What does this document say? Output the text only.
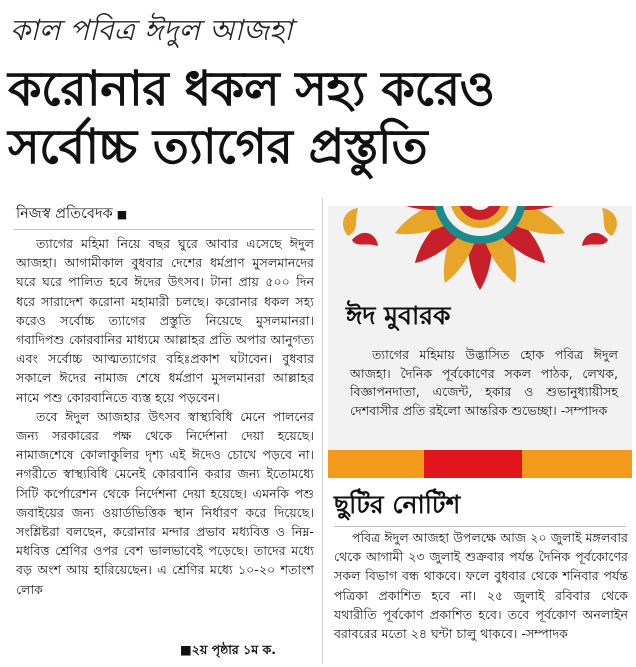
কাল পবিত্র ঈদুল আজহা
করোনার ধকল সহ্য করেও
সর্বোচ্চ ত্যাগের প্রস্তুতি
নিজস্ব প্রতিবেদক ■

ত্যাগের মহিমা নিয়ে বছর ঘুরে আবার এসেছে ঈদুল আজহা। আগামীকাল বুধবার দেশের ধর্মপ্রাণ মুসলমানদের ঘরে ঘরে পালিত হবে ঈদের উৎসব। টানা প্রায় ৫০০ দিন ধরে সারাদেশ করোনা মহামারী চলছে। করোনার ধকল সহ্য করেও সর্বোচ্চ ত্যাগের প্রস্তুতি নিয়েছে মুসলমানরা। গবাদিপশু কোরবানির মাধ্যমে আল্লাহর প্রতি অপার আনুগত্য এবং সর্বোচ্চ আত্মত্যাগের বহিঃপ্রকাশ ঘটাবেন। বুধবার সকালে ঈদের নামাজ শেষে ধর্মপ্রাণ মুসলমানরা আল্লাহর নামে পশু কোরবানিতে ব্যস্ত হয়ে পড়বেন।

তবে ঈদুল আজহার উৎসব স্বাস্থ্যবিধি মেনে পালনের জন্য সরকারের পক্ষ থেকে নির্দেশনা দেয়া হয়েছে। নামাজশেষে কোলাকুলির দৃশ্য এই ঈদেও চোখে পড়বে না। নগরীতে স্বাস্থ্যবিধি মেনেই কোরবানি করার জন্য ইতোমধ্যে সিটি কর্পোরেশন থেকে নির্দেশনা দেয়া হয়েছে। এমনকি পশু জবাইয়ের জন্য ওয়ার্ডভিত্তিক স্থান নির্ধারণ করে দিয়েছে। সংশ্লিষ্টরা বলছেন, করোনার মন্দার প্রভাব মধ্যবিত্ত ও নিম্ন-মধবিত্ত শ্রেণির ওপর বেশ ভালভাবেই পড়েছে। তাদের মধ্যে বড় অংশ আয় হারিয়েছেন। এ শ্রেণির মধ্যে ১০-২০ শতাংশ লোক

■২য় পৃষ্ঠার ১ম ক.
ঈদ মুবারক

ত্যাগের মহিমায় উদ্ভাসিত হোক পবিত্র ঈদুল আজহা। দৈনিক পূর্বকোণের সকল পাঠক, লেখক, বিজ্ঞাপনদাতা, এজেন্ট, হকার ও শুভানুধ্যায়ীসহ দেশবাসীর প্রতি রইলো আন্তরিক শুভেচ্ছা। -সম্পাদক

ছুটির নোটিশ

পবিত্র ঈদুল আজহা উপলক্ষে আজ ২০ জুলাই মঙ্গলবার থেকে আগামী ২৩ জুলাই শুক্রবার পর্যন্ত দৈনিক পূর্বকোণের সকল বিভাগ বন্ধ থাকবে। ফলে বুধবার থেকে শনিবার পর্যন্ত পত্রিকা প্রকাশিত হবে না। ২৫ জুলাই রবিবার থেকে যথারীতি পূর্বকোণ প্রকাশিত হবে। তবে পূর্বকোণ অনলাইন বরাবরের মতো ২৪ ঘন্টা চালু থাকবে। -সম্পাদক
